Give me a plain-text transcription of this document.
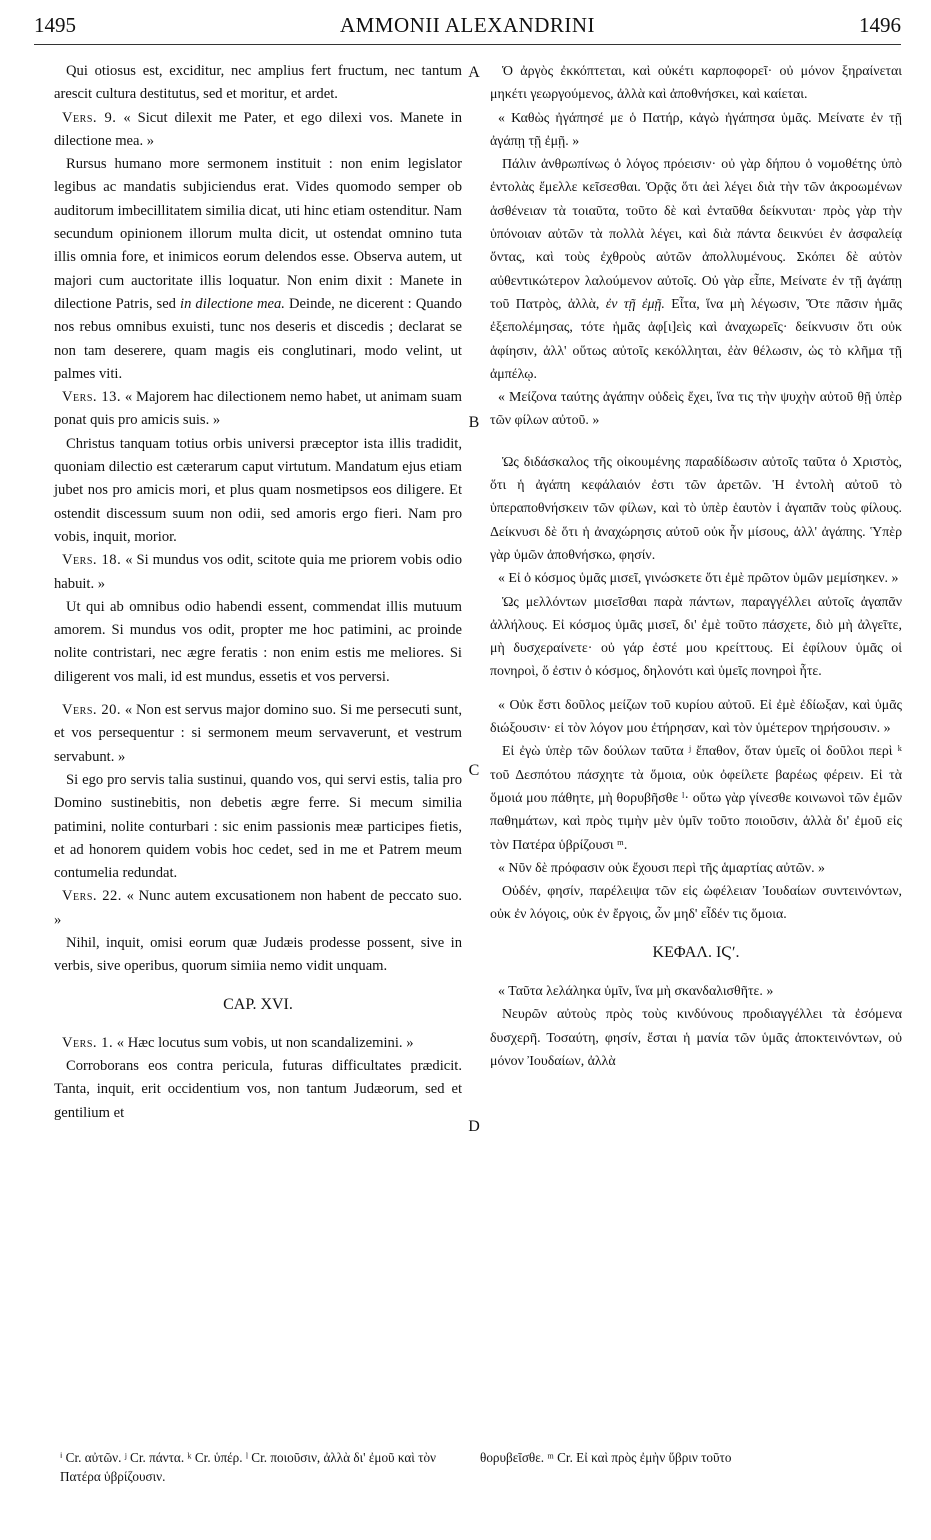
1495	AMMONII ALEXANDRINI	1496
A
B
C
D

Qui otiosus est, exciditur, nec amplius fert fructum, nec tantum arescit cultura destitutus, sed et moritur, et ardet.

Vers. 9. « Sicut dilexit me Pater, et ego dilexi vos. Manete in dilectione mea. »

Rursus humano more sermonem instituit : non enim legislator legibus ac mandatis subjiciendus erat. Vides quomodo semper ob auditorum imbecillitatem similia dicat, uti hinc etiam ostenditur. Nam secundum opinionem illorum multa dicit, ut ostendat omnino tuta illis omnia fore, et inimicos eorum delendos esse. Observa autem, ut majori cum auctoritate illis loquatur. Non enim dixit : Manete in dilectione Patris, sed in dilectione mea. Deinde, ne dicerent : Quando nos rebus omnibus exuisti, tunc nos deseris et discedis ; declarat se non tam deserere, quam magis eis conglutinari, modo velint, ut palmes viti.

Vers. 13. « Majorem hac dilectionem nemo habet, ut animam suam ponat quis pro amicis suis. »

Christus tanquam totius orbis universi præceptor ista illis tradidit, quoniam dilectio est cæterarum caput virtutum. Mandatum ejus etiam jubet nos pro amicis mori, et plus quam nosmetipsos eos diligere. Et ostendit discessum suum non odii, sed amoris ergo fieri. Nam pro vobis, inquit, morior.

Vers. 18. « Si mundus vos odit, scitote quia me priorem vobis odio habuit. »

Ut qui ab omnibus odio habendi essent, commendat illis mutuum amorem. Si mundus vos odit, propter me hoc patimini, ac proinde nolite contristari, nec ægre feratis : non enim estis me meliores. Si diligerent vos mali, id est mundus, essetis et vos perversi.

Vers. 20. « Non est servus major domino suo. Si me persecuti sunt, et vos persequentur : si sermonem meum servaverunt, et vestrum servabunt. »

Si ego pro servis talia sustinui, quando vos, qui servi estis, talia pro Domino sustinebitis, non debetis ægre ferre. Si mecum similia patimini, nolite conturbari : sic enim passionis meæ participes fietis, et ad honorem quidem vobis hoc cedet, sed in me et Patrem meum contumelia redundat.

Vers. 22. « Nunc autem excusationem non habent de peccato suo. »

Nihil, inquit, omisi eorum quæ Judæis prodesse possent, sive in verbis, sive operibus, quorum simiia nemo vidit unquam.

CAP. XVI.

Vers. 1. « Hæc locutus sum vobis, ut non scandalizemini. »

Corroborans eos contra pericula, futuras difficultates prædicit. Tanta, inquit, erit occidentium vos, non tantum Judæorum, sed et gentilium et

Ὁ ἀργὸς ἐκκόπτεται, καὶ οὐκέτι καρποφορεῖ· οὐ μόνον ξηραίνεται μηκέτι γεωργούμενος, ἀλλὰ καὶ ἀποθνήσκει, καὶ καίεται.

« Καθὼς ἠγάπησέ με ὁ Πατήρ, κἀγὼ ἠγάπησα ὑμᾶς. Μείνατε ἐν τῇ ἀγάπῃ τῇ ἐμῇ. »

Πάλιν ἀνθρωπίνως ὁ λόγος πρόεισιν· οὐ γὰρ δήπου ὁ νομοθέτης ὑπὸ ἐντολὰς ἔμελλε κεῖσεσθαι. Ὁρᾷς ὅτι ἀεὶ λέγει διὰ τὴν τῶν ἀκροωμένων ἀσθένειαν τὰ τοιαῦτα, τοῦτο δὲ καὶ ἐνταῦθα δείκνυται· πρὸς γὰρ τὴν ὑπόνοιαν αὐτῶν τὰ πολλὰ λέγει, καὶ διὰ πάντα δεικνύει ἐν ἀσφαλείᾳ ὄντας, καὶ τοὺς ἐχθροὺς αὐτῶν ἀπολλυμένους. Σκόπει δὲ αὐτὸν αὐθεντικώτερον λαλούμενον αὐτοῖς. Οὐ γὰρ εἶπε, Μείνατε ἐν τῇ ἀγάπῃ τοῦ Πατρὸς, ἀλλὰ, ἐν τῇ ἐμῇ. Εἶτα, ἵνα μὴ λέγωσιν, Ὅτε πᾶσιν ἡμᾶς ἐξεπολέμησας, τότε ἡμᾶς ἀφ[ι]εὶς καὶ ἀναχωρεῖς· δείκνυσιν ὅτι οὐκ ἀφίησιν, ἀλλ' οὕτως αὐτοῖς κεκόλληται, ἐὰν θέλωσιν, ὡς τὸ κλῆμα τῇ ἀμπέλῳ.

« Μείζονα ταύτης ἀγάπην οὐδεὶς ἔχει, ἵνα τις τὴν ψυχὴν αὐτοῦ θῇ ὑπὲρ τῶν φίλων αὐτοῦ. »

Ὡς διδάσκαλος τῆς οἰκουμένης παραδίδωσιν αὐτοῖς ταῦτα ὁ Χριστὸς, ὅτι ἡ ἀγάπη κεφάλαιόν ἐστι τῶν ἀρετῶν. Ἡ ἐντολὴ αὐτοῦ τὸ ὑπεραποθνήσκειν τῶν φίλων, καὶ τὸ ὑπὲρ ἑαυτὸν ἱ ἀγαπᾶν τοὺς φίλους. Δείκνυσι δὲ ὅτι ἡ ἀναχώρησις αὐτοῦ οὐκ ἦν μίσους, ἀλλ' ἀγάπης. Ὑπὲρ γὰρ ὑμῶν ἀποθνήσκω, φησίν.

« Εἰ ὁ κόσμος ὑμᾶς μισεῖ, γινώσκετε ὅτι ἐμὲ πρῶτον ὑμῶν μεμίσηκεν. »

Ὡς μελλόντων μισεῖσθαι παρὰ πάντων, παραγγέλλει αὐτοῖς ἀγαπᾶν ἀλλήλους. Εἰ κόσμος ὑμᾶς μισεῖ, δι' ἐμὲ τοῦτο πάσχετε, διὸ μὴ ἀλγεῖτε, μὴ δυσχεραίνετε· οὐ γάρ ἐστέ μου κρείττους. Εἰ ἐφίλουν ὑμᾶς οἱ πονηροὶ, ὅ ἐστιν ὁ κόσμος, δηλονότι καὶ ὑμεῖς πονηροὶ ἦτε.

« Οὐκ ἔστι δοῦλος μείζων τοῦ κυρίου αὐτοῦ. Εἰ ἐμὲ ἐδίωξαν, καὶ ὑμᾶς διώξουσιν· εἰ τὸν λόγον μου ἐτήρησαν, καὶ τὸν ὑμέτερον τηρήσουσιν. »

Εἰ ἐγὼ ὑπὲρ τῶν δούλων ταῦτα ʲ ἔπαθον, ὅταν ὑμεῖς οἱ δοῦλοι περὶ ᵏ τοῦ Δεσπότου πάσχητε τὰ ὅμοια, οὐκ ὀφείλετε βαρέως φέρειν. Εἰ τὰ ὅμοιά μου πάθητε, μὴ θορυβῆσθε ˡ· οὕτω γὰρ γίνεσθε κοινωνοὶ τῶν ἐμῶν παθημάτων, καὶ πρὸς τιμὴν μὲν ὑμῖν τοῦτο ποιοῦσιν, ἀλλὰ δι' ἐμοῦ εἰς τὸν Πατέρα ὑβρίζουσι ᵐ.

« Νῦν δὲ πρόφασιν οὐκ ἔχουσι περὶ τῆς ἁμαρτίας αὐτῶν. »

Οὐδέν, φησίν, παρέλειψα τῶν εἰς ὠφέλειαν Ἰουδαίων συντεινόντων, οὐκ ἐν λόγοις, οὐκ ἐν ἔργοις, ὧν μηδ' εἶδέν τις ὅμοια.

ΚΕΦΑΛ. ΙϚʹ.

« Ταῦτα λελάληκα ὑμῖν, ἵνα μὴ σκανδαλισθῆτε. »

Νευρῶν αὐτοὺς πρὸς τοὺς κινδύνους προδιαγγέλλει τὰ ἐσόμενα δυσχερῆ. Τοσαύτη, φησίν, ἔσται ἡ μανία τῶν ὑμᾶς ἀποκτεινόντων, οὐ μόνον Ἰουδαίων, ἀλλὰ

ⁱ Cr. αὐτῶν. ʲ Cr. πάντα. ᵏ Cr. ὑπέρ. ˡ Cr. ποιοῦσιν, ἀλλὰ δι' ἐμοῦ καὶ τὸν Πατέρα ὑβρίζουσιν.
θορυβεῖσθε. ᵐ Cr. Εἰ καὶ πρὸς ἐμὴν ὕβριν τοῦτο
